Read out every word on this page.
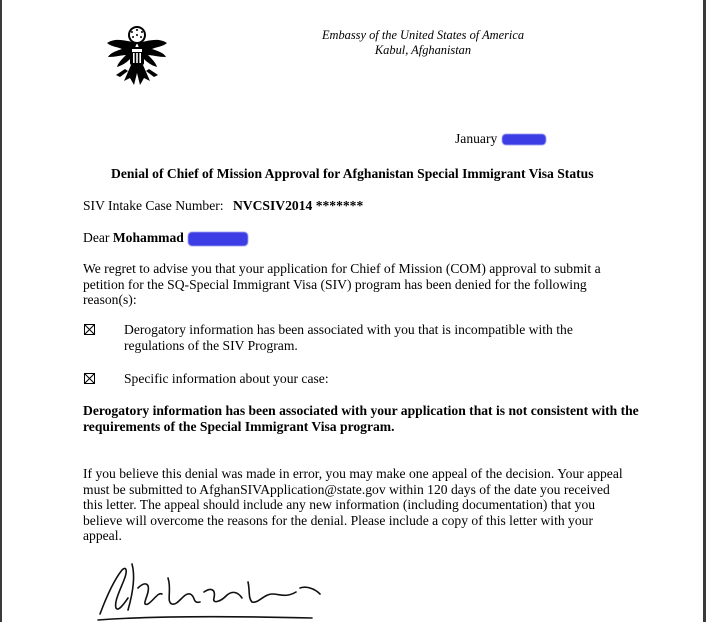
Embassy of the United States of America
Kabul, Afghanistan
January
Denial of Chief of Mission Approval for Afghanistan Special Immigrant Visa Status
SIV Intake Case Number: NVCSIV2014 *******
Dear Mohammad
We regret to advise you that your application for Chief of Mission (COM) approval to submit a petition for the SQ-Special Immigrant Visa (SIV) program has been denied for the following reason(s):
Derogatory information has been associated with you that is incompatible with the regulations of the SIV Program.
Specific information about your case:
Derogatory information has been associated with your application that is not consistent with the requirements of the Special Immigrant Visa program.
If you believe this denial was made in error, you may make one appeal of the decision. Your appeal must be submitted to AfghanSIVApplication@state.gov within 120 days of the date you received this letter. The appeal should include any new information (including documentation) that you believe will overcome the reasons for the denial. Please include a copy of this letter with your appeal.
